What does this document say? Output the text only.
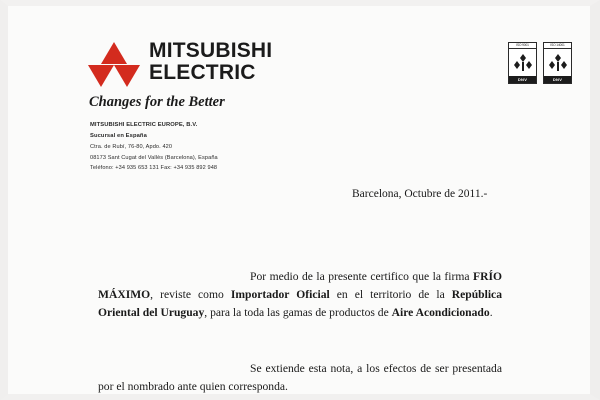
MITSUBISHI
ELECTRIC
Changes for the Better
MITSUBISHI ELECTRIC EUROPE, B.V.
Sucursal en España
Ctra. de Rubí, 76-80, Apdo. 420
08173 Sant Cugat del Vallès (Barcelona), España
Teléfono: +34 935 653 131 Fax: +34 935 892 948
ISO 9001
DNV
ISO 14001
DNV
Barcelona, Octubre de 2011.-

Por medio de la presente certifico que la firma FRÍO MÁXIMO, reviste como Importador Oficial en el territorio de la República Oriental del Uruguay, para la toda las gamas de productos de Aire Acondicionado.

Se extiende esta nota, a los efectos de ser presentada por el nombrado ante quien corresponda.
